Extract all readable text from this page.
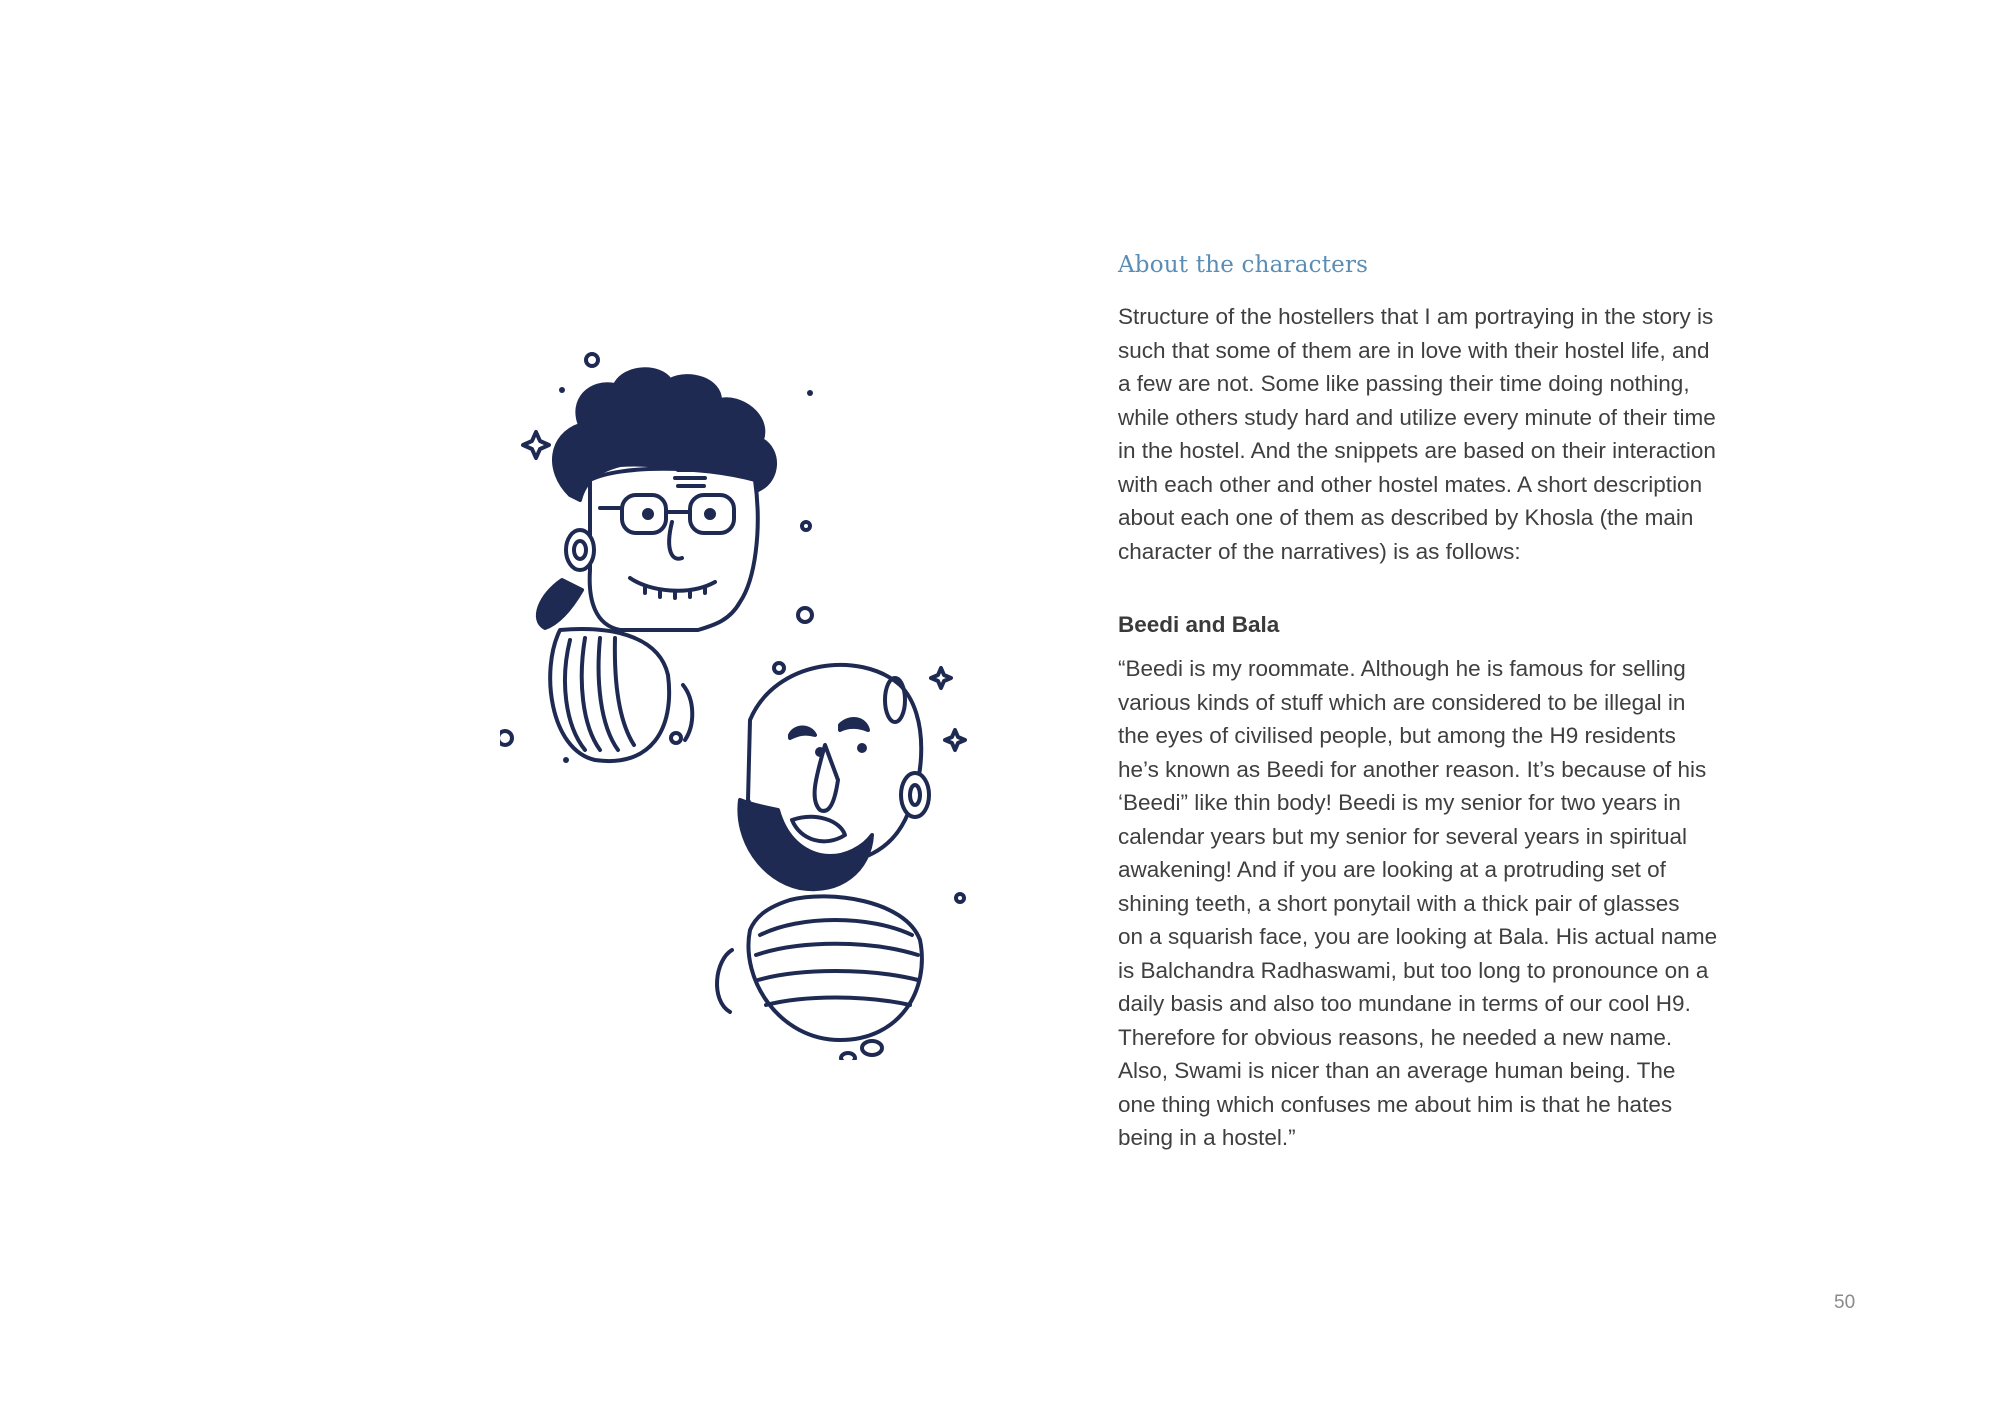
About the characters

Structure of the hostellers that I am portraying in the story is
such that some of them are in love with their hostel life, and
a few are not. Some like passing their time doing nothing,
while others study hard and utilize every minute of their time
in the hostel. And the snippets are based on their interaction
with each other and other hostel mates. A short description
about each one of them as described by Khosla (the main
character of the narratives) is as follows:

Beedi and Bala

“Beedi is my roommate. Although he is famous for selling
various kinds of stuff which are considered to be illegal in
the eyes of civilised people, but among the H9 residents
he’s known as Beedi for another reason. It’s because of his
‘Beedi” like thin body! Beedi is my senior for two years in
calendar years but my senior for several years in spiritual
awakening! And if you are looking at a protruding set of
shining teeth, a short ponytail with a thick pair of glasses
on a squarish face, you are looking at Bala. His actual name
is Balchandra Radhaswami, but too long to pronounce on a
daily basis and also too mundane in terms of our cool H9.
Therefore for obvious reasons, he needed a new name.
Also, Swami is nicer than an average human being. The
one thing which confuses me about him is that he hates
being in a hostel.”

50
